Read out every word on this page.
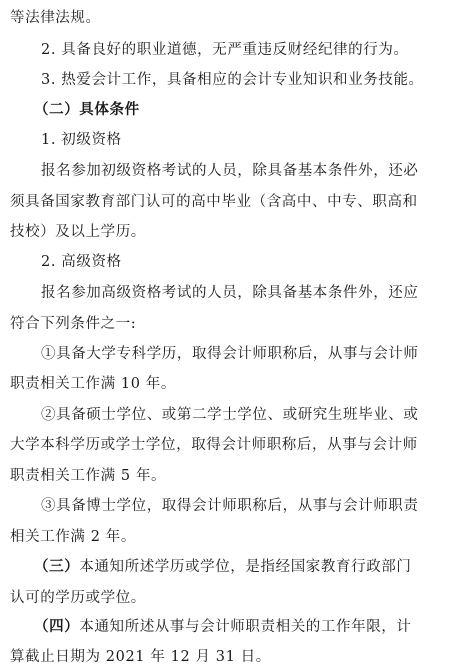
等法律法规。
2. 具备良好的职业道德，无严重违反财经纪律的行为。
3. 热爱会计工作，具备相应的会计专业知识和业务技能。
（二）具体条件
1. 初级资格
报名参加初级资格考试的人员，除具备基本条件外，还必
须具备国家教育部门认可的高中毕业（含高中、中专、职高和
技校）及以上学历。
2. 高级资格
报名参加高级资格考试的人员，除具备基本条件外，还应
符合下列条件之一:
①具备大学专科学历，取得会计师职称后，从事与会计师
职责相关工作满 10 年。
②具备硕士学位、或第二学士学位、或研究生班毕业、或
大学本科学历或学士学位，取得会计师职称后，从事与会计师
职责相关工作满 5 年。
③具备博士学位，取得会计师职称后，从事与会计师职责
相关工作满 2 年。
（三）本通知所述学历或学位，是指经国家教育行政部门
认可的学历或学位。
（四）本通知所述从事与会计师职责相关的工作年限，计
算截止日期为 2021 年 12 月 31 日。
